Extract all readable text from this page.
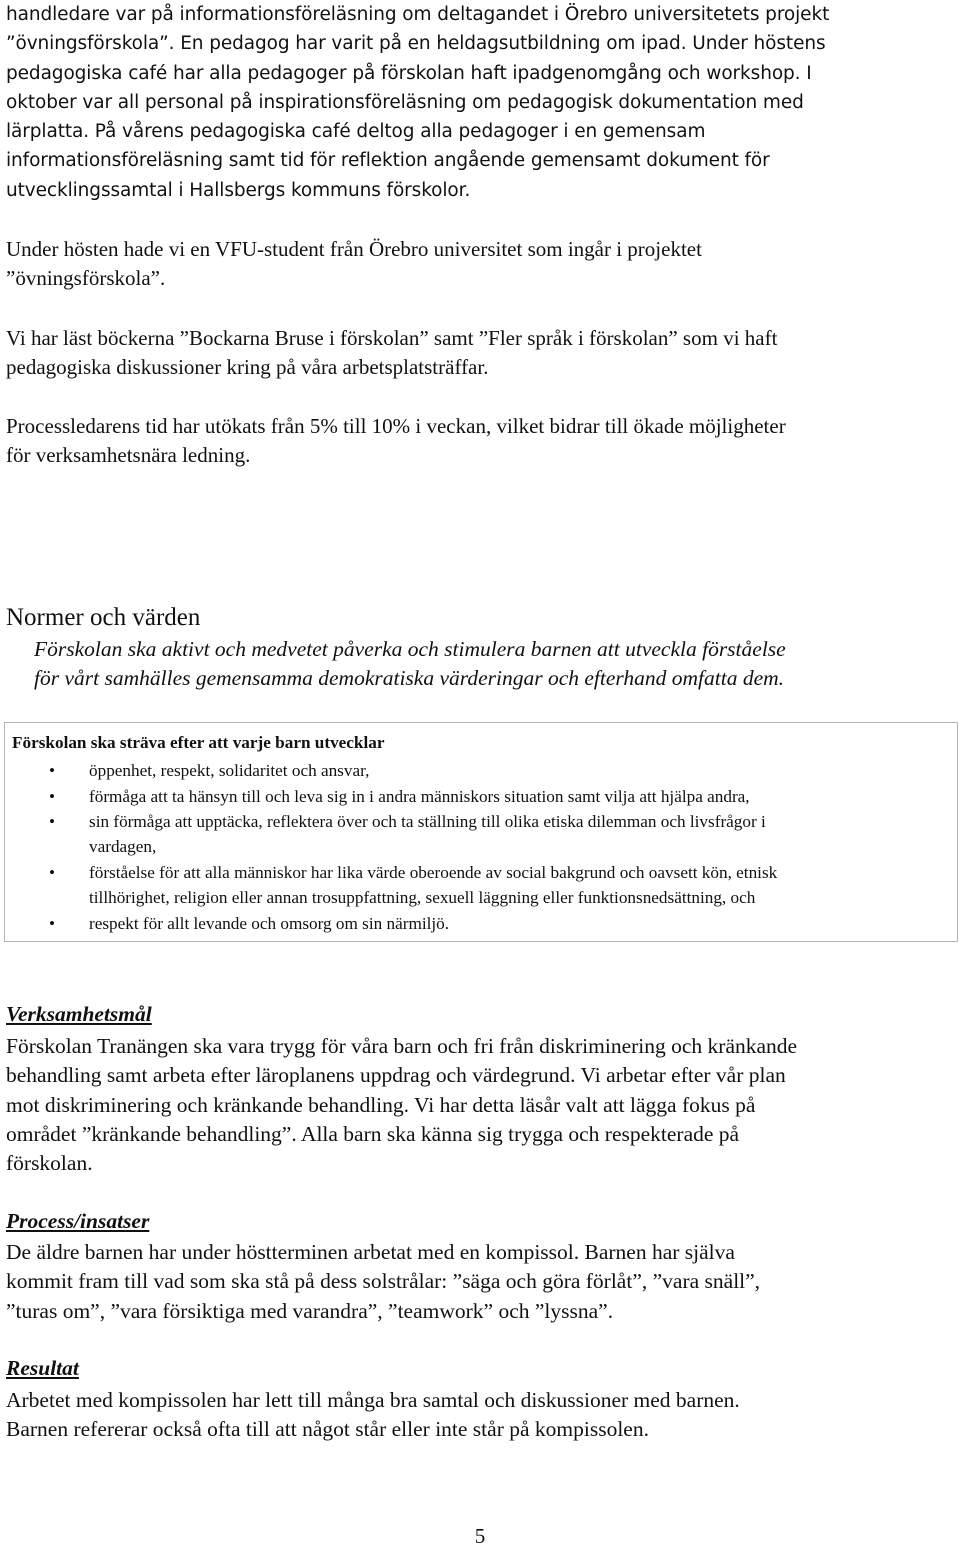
handledare var på informationsföreläsning om deltagandet i Örebro universitetets projekt
”övningsförskola”. En pedagog har varit på en heldagsutbildning om ipad. Under höstens
pedagogiska café har alla pedagoger på förskolan haft ipadgenomgång och workshop. I
oktober var all personal på inspirationsföreläsning om pedagogisk dokumentation med
lärplatta. På vårens pedagogiska café deltog alla pedagoger i en gemensam
informationsföreläsning samt tid för reflektion angående gemensamt dokument för
utvecklingssamtal i Hallsbergs kommuns förskolor.
Under hösten hade vi en VFU-student från Örebro universitet som ingår i projektet
”övningsförskola”.
Vi har läst böckerna ”Bockarna Bruse i förskolan” samt ”Fler språk i förskolan” som vi haft
pedagogiska diskussioner kring på våra arbetsplatsträffar.
Processledarens tid har utökats från 5% till 10% i veckan, vilket bidrar till ökade möjligheter
för verksamhetsnära ledning.
Normer och värden
Förskolan ska aktivt och medvetet påverka och stimulera barnen att utveckla förståelse
för vårt samhälles gemensamma demokratiska värderingar och efterhand omfatta dem.
Förskolan ska sträva efter att varje barn utvecklar
• öppenhet, respekt, solidaritet och ansvar,
• förmåga att ta hänsyn till och leva sig in i andra människors situation samt vilja att hjälpa andra,
• sin förmåga att upptäcka, reflektera över och ta ställning till olika etiska dilemman och livsfrågor i
vardagen,
• förståelse för att alla människor har lika värde oberoende av social bakgrund och oavsett kön, etnisk
tillhörighet, religion eller annan trosuppfattning, sexuell läggning eller funktionsnedsättning, och
• respekt för allt levande och omsorg om sin närmiljö.
Verksamhetsmål
Förskolan Tranängen ska vara trygg för våra barn och fri från diskriminering och kränkande
behandling samt arbeta efter läroplanens uppdrag och värdegrund. Vi arbetar efter vår plan
mot diskriminering och kränkande behandling. Vi har detta läsår valt att lägga fokus på
området ”kränkande behandling”. Alla barn ska känna sig trygga och respekterade på
förskolan.
Process/insatser
De äldre barnen har under höstterminen arbetat med en kompissol. Barnen har själva
kommit fram till vad som ska stå på dess solstrålar: ”säga och göra förlåt”, ”vara snäll”,
”turas om”, ”vara försiktiga med varandra”, ”teamwork” och ”lyssna”.
Resultat
Arbetet med kompissolen har lett till många bra samtal och diskussioner med barnen.
Barnen refererar också ofta till att något står eller inte står på kompissolen.
5
